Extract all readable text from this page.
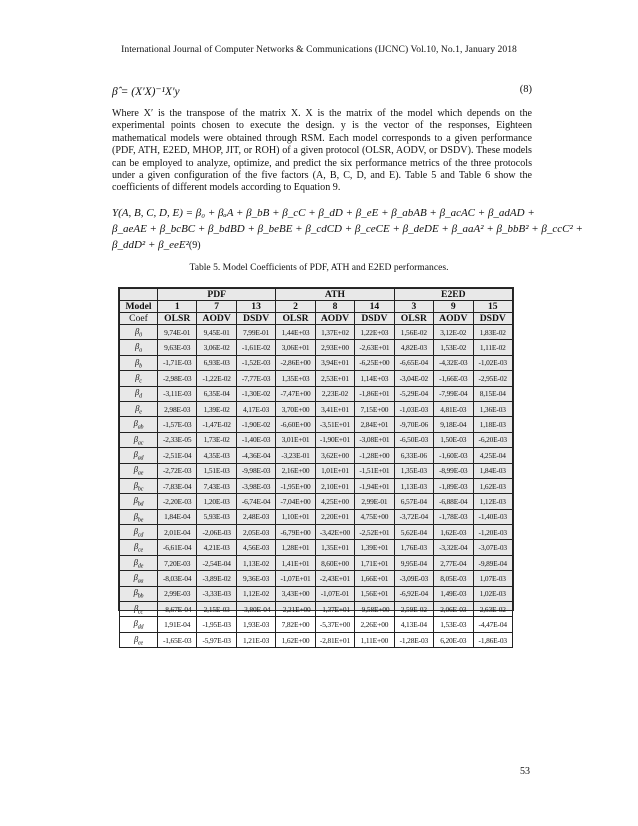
International Journal of Computer Networks & Communications (IJCNC) Vol.10, No.1, January 2018
β̂ = (X′X)⁻¹X′y	(8)
Where X′ is the transpose of the matrix X. X is the matrix of the model which depends on the experimental points chosen to execute the design. y is the vector of the responses, Eighteen mathematical models were obtained through RSM. Each model corresponds to a given performance (PDF, ATH, E2ED, MHOP, JIT, or ROH) of a given protocol (OLSR, AODV, or DSDV). These models can be employed to analyze, optimize, and predict the six performance metrics of the three protocols under a given configuration of the five factors (A, B, C, D, and E). Table 5 and Table 6 show the coefficients of different models according to Equation 9.
Y(A, B, C, D, E) = β₀ + βₐA + β_bB + β_cC + β_dD + β_eE + β_abAB + β_acAC + β_adAD +
β_aeAE + β_bcBC + β_bdBD + β_beBE + β_cdCD + β_ceCE + β_deDE + β_aaA² + β_bbB² + β_ccC² +
β_ddD² + β_eeE²(9)
Table 5. Model Coefficients of PDF, ATH and E2ED performances.
	PDF			ATH			E2ED		
Model	1	7	13	2	8	14	3	9	15
Coef	OLSR	AODV	DSDV	OLSR	AODV	DSDV	OLSR	AODV	DSDV
$\beta_0$	9,74E-01	9,45E-01	7,99E-01	1,44E+03	1,37E+02	1,22E+03	1,56E-02	3,12E-02	1,83E-02
$\beta_a$	9,63E-03	3,06E-02	-1,61E-02	3,06E+01	2,93E+00	-2,63E+01	4,82E-03	1,53E-02	1,11E-02
$\beta_b$	-1,71E-03	6,93E-03	-1,52E-03	-2,86E+00	3,94E+01	-6,25E+00	-6,65E-04	-4,32E-03	-1,02E-03
$\beta_c$	-2,98E-03	-1,22E-02	-7,77E-03	1,35E+03	2,53E+01	1,14E+03	-3,04E-02	-1,66E-03	-2,95E-02
$\beta_d$	-3,11E-03	6,35E-04	-1,30E-02	-7,47E+00	2,23E-02	-1,86E+01	-5,29E-04	-7,99E-04	8,15E-04
$\beta_e$	2,98E-03	1,39E-02	4,17E-03	3,70E+00	3,41E+01	7,15E+00	-1,03E-03	4,81E-03	1,36E-03
$\beta_{ab}$	-1,57E-03	-1,47E-02	-1,90E-02	-6,60E+00	-3,51E+01	2,84E+01	-9,70E-06	9,18E-04	1,18E-03
$\beta_{ac}$	-2,33E-05	1,73E-02	-1,40E-03	3,01E+01	-1,90E+01	-3,08E+01	-6,50E-03	1,50E-03	-6,20E-03
$\beta_{ad}$	-2,51E-04	4,35E-03	-4,36E-04	-3,23E-01	3,62E+00	-1,28E+00	6,33E-06	-1,60E-03	4,25E-04
$\beta_{ae}$	-2,72E-03	1,51E-03	-9,98E-03	2,16E+00	1,01E+01	-1,51E+01	1,35E-03	-8,99E-03	1,84E-03
$\beta_{bc}$	-7,83E-04	7,43E-03	-3,98E-03	-1,95E+00	2,10E+01	-1,94E+01	1,13E-03	-1,89E-03	1,62E-03
$\beta_{bd}$	-2,20E-03	1,20E-03	-6,74E-04	-7,04E+00	4,25E+00	2,99E-01	6,57E-04	-6,88E-04	1,12E-03
$\beta_{be}$	1,84E-04	5,93E-03	2,48E-03	1,10E+01	2,20E+01	4,75E+00	-3,72E-04	-1,78E-03	-1,40E-03
$\beta_{cd}$	2,01E-04	-2,06E-03	2,05E-03	-6,79E+00	-3,42E+00	-2,52E+01	5,62E-04	1,62E-03	-1,20E-03
$\beta_{ce}$	-6,61E-04	4,21E-03	4,56E-03	1,28E+01	1,35E+01	1,39E+01	1,76E-03	-3,32E-04	-3,07E-03
$\beta_{de}$	7,20E-03	-2,54E-04	1,13E-02	1,41E+01	8,60E+00	1,71E+01	9,95E-04	2,77E-04	-9,89E-04
$\beta_{aa}$	-8,03E-04	-3,89E-02	9,36E-03	-1,07E+01	-2,43E+01	1,66E+01	-3,09E-03	8,05E-03	1,07E-03
$\beta_{bb}$	2,99E-03	-3,33E-03	1,12E-02	3,43E+00	-1,07E-01	1,56E+01	-6,92E-04	1,49E-03	1,02E-03
$\beta_{cc}$	-8,67E-04	2,15E-03	-3,80E-04	-2,21E+00	-1,37E+01	-9,58E+00	2,59E-02	2,06E-03	2,63E-02
$\beta_{dd}$	1,91E-04	-1,95E-03	1,93E-03	7,82E+00	-5,37E+00	2,26E+00	4,13E-04	1,53E-03	-4,47E-04
$\beta_{ee}$	-1,65E-03	-5,97E-03	1,21E-03	1,62E+00	-2,81E+01	1,11E+00	-1,28E-03	6,20E-03	-1,86E-03
53
